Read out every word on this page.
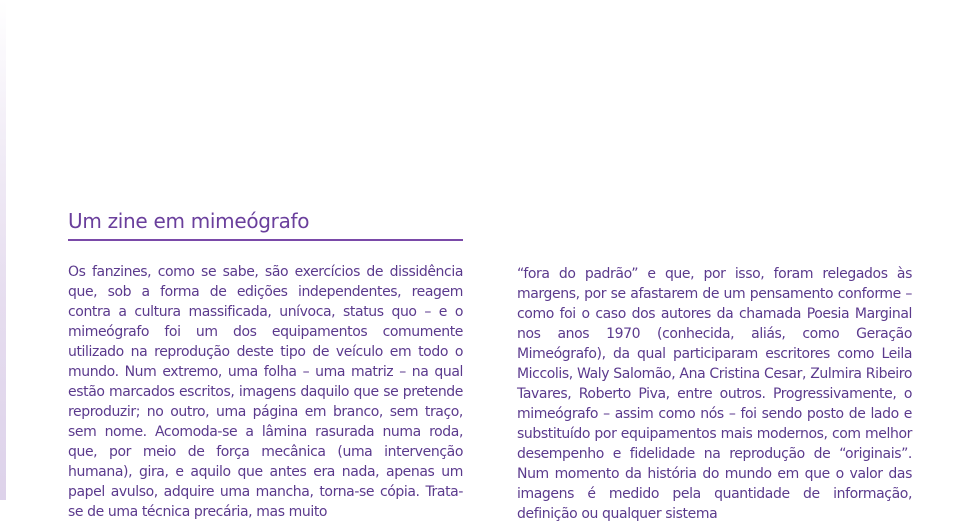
Um zine em mimeógrafo
Os fanzines, como se sabe, são exercícios de dissidência que, sob a forma de edições independentes, reagem contra a cultura massificada, unívoca, status quo – e o mimeógrafo foi um dos equipamentos comumente utilizado na reprodução deste tipo de veículo em todo o mundo. Num extremo, uma folha – uma matriz – na qual estão marcados escritos, imagens daquilo que se pretende reproduzir; no outro, uma página em branco, sem traço, sem nome. Acomoda-se a lâmina rasurada numa roda, que, por meio de força mecânica (uma intervenção humana), gira, e aquilo que antes era nada, apenas um papel avulso, adquire uma mancha, torna-se cópia. Trata-se de uma técnica precária, mas muito
“fora do padrão” e que, por isso, foram relegados às margens, por se afastarem de um pensamento conforme – como foi o caso dos autores da chamada Poesia Marginal nos anos 1970 (conhecida, aliás, como Geração Mimeógrafo), da qual participaram escritores como Leila Miccolis, Waly Salomão, Ana Cristina Cesar, Zulmira Ribeiro Tavares, Roberto Piva, entre outros. Progressivamente, o mimeógrafo – assim como nós – foi sendo posto de lado e substituído por equipamentos mais modernos, com melhor desempenho e fidelidade na reprodução de “originais”. Num momento da história do mundo em que o valor das imagens é medido pela quantidade de informação, definição ou qualquer sistema
